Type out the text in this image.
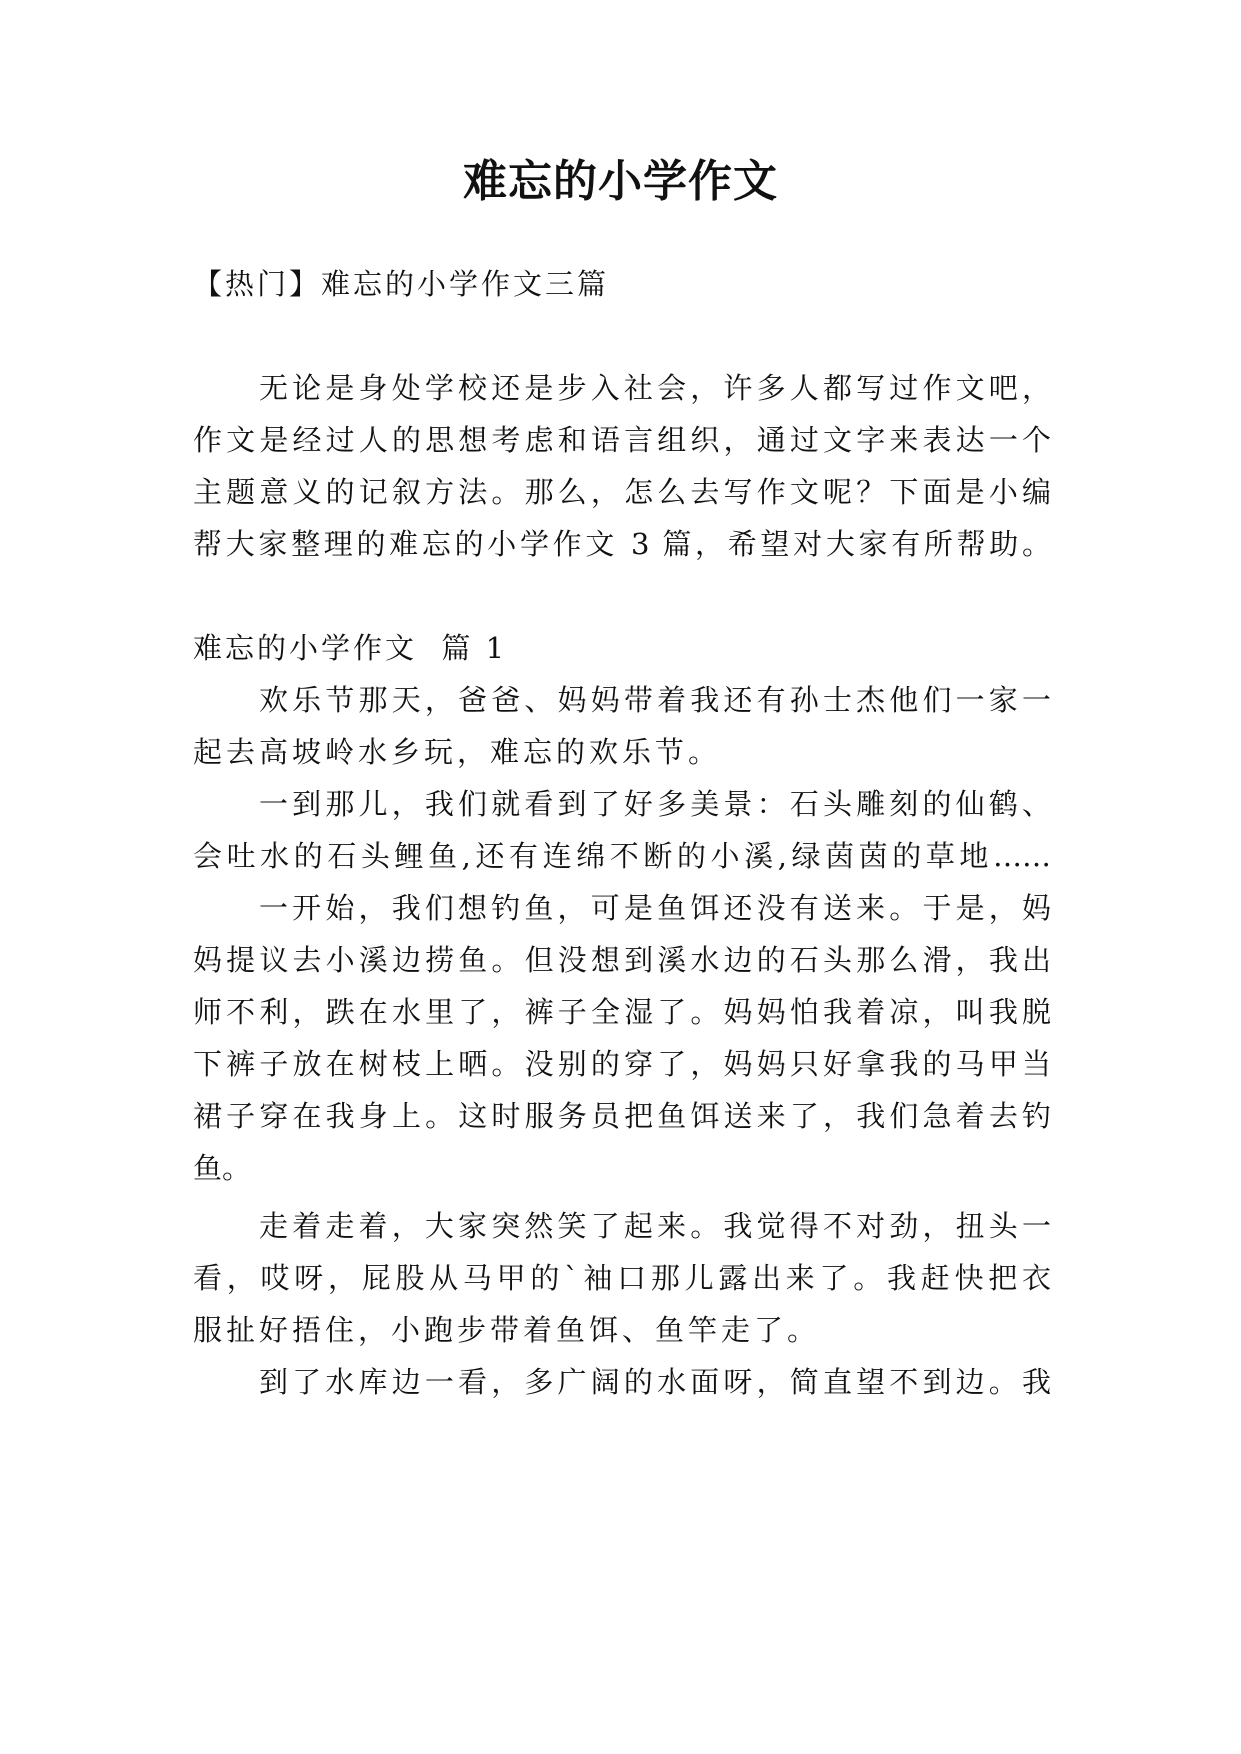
难忘的小学作文
【热门】难忘的小学作文三篇
无论是身处学校还是步入社会，许多人都写过作文吧，
作文是经过人的思想考虑和语言组织，通过文字来表达一个
主题意义的记叙方法。那么，怎么去写作文呢？下面是小编
帮大家整理的难忘的小学作文 3 篇，希望对大家有所帮助。
难忘的小学作文  篇 1
欢乐节那天，爸爸、妈妈带着我还有孙士杰他们一家一
起去高坡岭水乡玩，难忘的欢乐节。
一到那儿，我们就看到了好多美景：石头雕刻的仙鹤、
会吐水的石头鲤鱼,还有连绵不断的小溪,绿茵茵的草地……
一开始，我们想钓鱼，可是鱼饵还没有送来。于是，妈
妈提议去小溪边捞鱼。但没想到溪水边的石头那么滑，我出
师不利，跌在水里了，裤子全湿了。妈妈怕我着凉，叫我脱
下裤子放在树枝上晒。没别的穿了，妈妈只好拿我的马甲当
裙子穿在我身上。这时服务员把鱼饵送来了，我们急着去钓
鱼。
走着走着，大家突然笑了起来。我觉得不对劲，扭头一
看，哎呀，屁股从马甲的`袖口那儿露出来了。我赶快把衣
服扯好捂住，小跑步带着鱼饵、鱼竿走了。
到了水库边一看，多广阔的水面呀，简直望不到边。我
